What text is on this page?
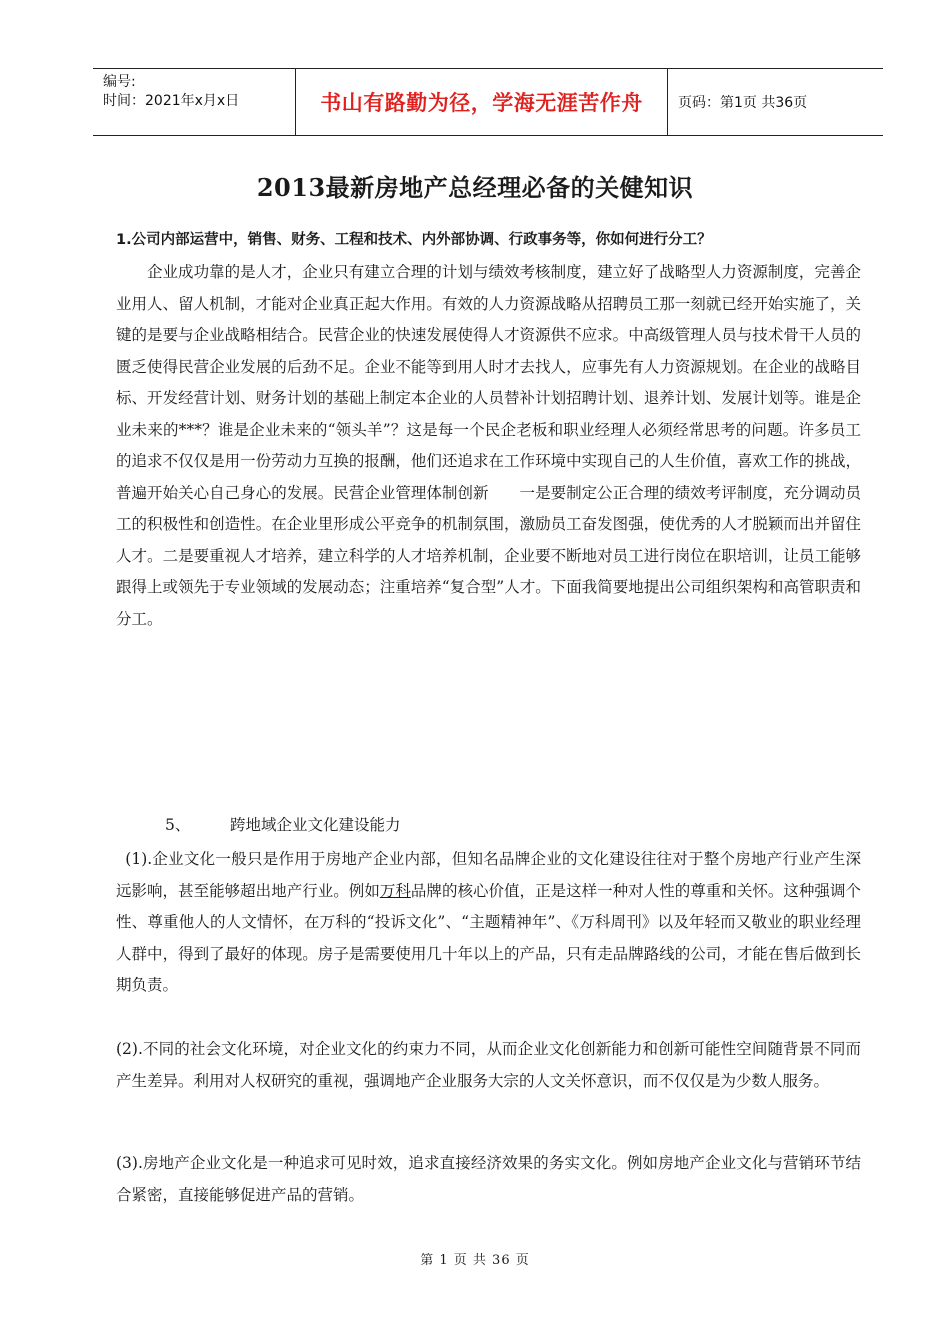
编号:
时间：2021年x月x日	书山有路勤为径，学海无涯苦作舟	页码：第1页 共36页
2013最新房地产总经理必备的关健知识
1.公司内部运营中，销售、财务、工程和技术、内外部协调、行政事务等，你如何进行分工？

企业成功靠的是人才，企业只有建立合理的计划与绩效考核制度，建立好了战略型人力资源制度，完善企业用人、留人机制，才能对企业真正起大作用。有效的人力资源战略从招聘员工那一刻就已经开始实施了，关键的是要与企业战略相结合。民营企业的快速发展使得人才资源供不应求。中高级管理人员与技术骨干人员的匮乏使得民营企业发展的后劲不足。企业不能等到用人时才去找人，应事先有人力资源规划。在企业的战略目标、开发经营计划、财务计划的基础上制定本企业的人员替补计划招聘计划、退养计划、发展计划等。谁是企业未来的***？谁是企业未来的“领头羊”？这是每一个民企老板和职业经理人必须经常思考的问题。许多员工的追求不仅仅是用一份劳动力互换的报酬，他们还追求在工作环境中实现自己的人生价值，喜欢工作的挑战，普遍开始关心自己身心的发展。民营企业管理体制创新　　一是要制定公正合理的绩效考评制度，充分调动员工的积极性和创造性。在企业里形成公平竞争的机制氛围，激励员工奋发图强，使优秀的人才脱颖而出并留住人才。二是要重视人才培养，建立科学的人才培养机制，企业要不断地对员工进行岗位在职培训，让员工能够跟得上或领先于专业领域的发展动态；注重培养“复合型”人才。下面我简要地提出公司组织架构和高管职责和分工。

5、	跨地域企业文化建设能力

(1).企业文化一般只是作用于房地产企业内部，但知名品牌企业的文化建设往往对于整个房地产行业产生深远影响，甚至能够超出地产行业。例如万科品牌的核心价值，正是这样一种对人性的尊重和关怀。这种强调个性、尊重他人的人文情怀，在万科的“投诉文化”、“主题精神年”、《万科周刊》以及年轻而又敬业的职业经理人群中，得到了最好的体现。房子是需要使用几十年以上的产品，只有走品牌路线的公司，才能在售后做到长期负责。

(2).不同的社会文化环境，对企业文化的约束力不同，从而企业文化创新能力和创新可能性空间随背景不同而产生差异。利用对人权研究的重视，强调地产企业服务大宗的人文关怀意识，而不仅仅是为少数人服务。

(3).房地产企业文化是一种追求可见时效，追求直接经济效果的务实文化。例如房地产企业文化与营销环节结合紧密，直接能够促进产品的营销。

第 1 页 共 36 页
